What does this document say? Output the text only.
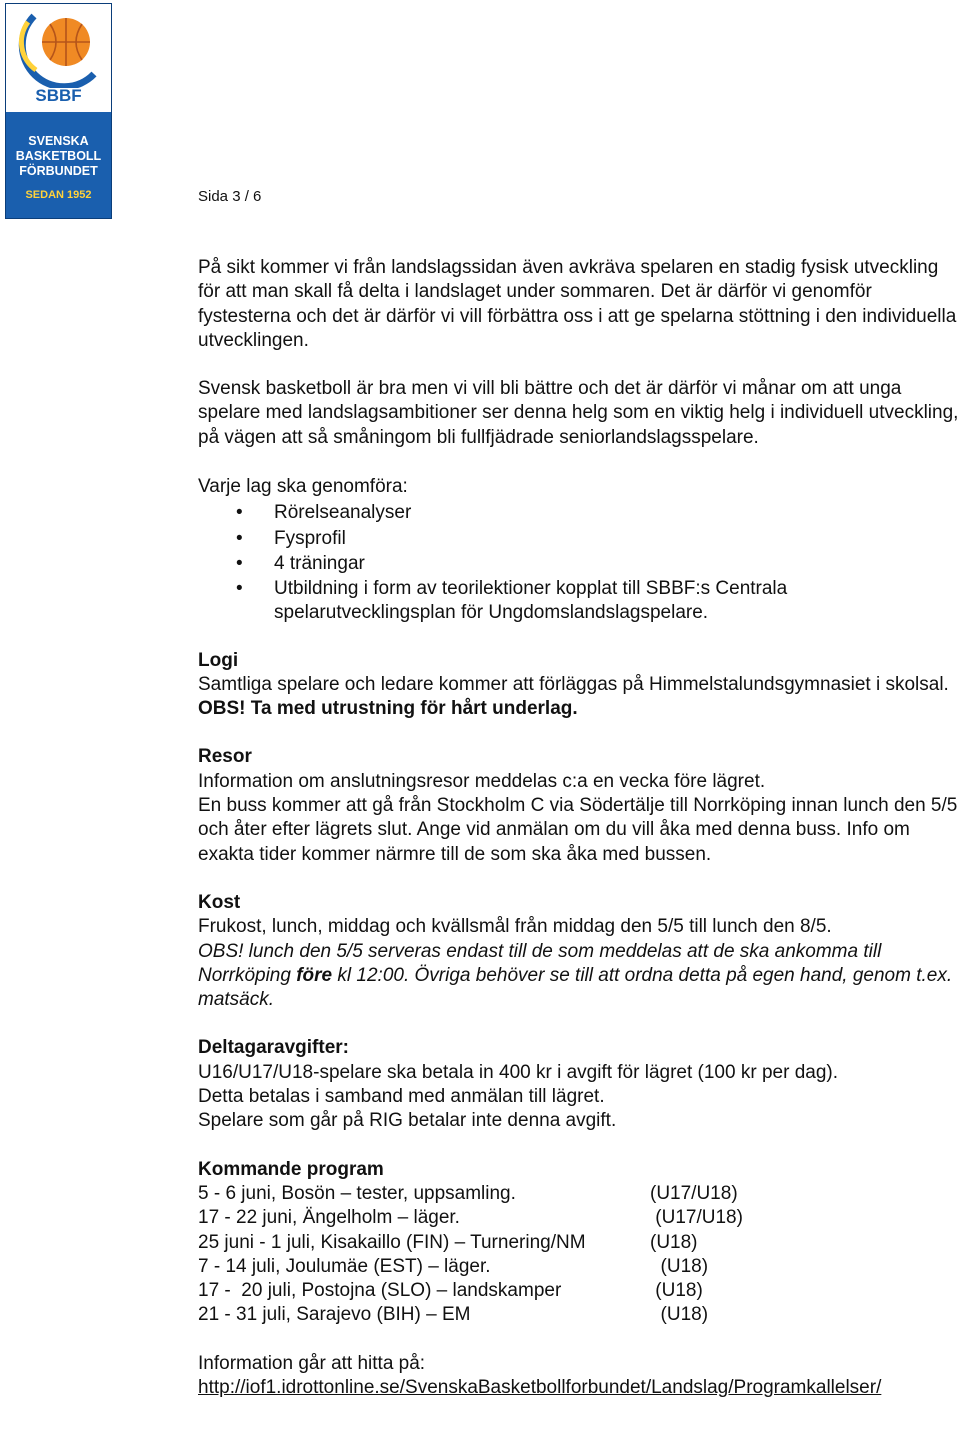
SBBF
SVENSKA
BASKETBOLL
FÖRBUNDET
SEDAN 1952	Sida 3 / 6

På sikt kommer vi från landslagssidan även avkräva spelaren en stadig fysisk utveckling för att man skall få delta i landslaget under sommaren. Det är därför vi genomför fystesterna och det är därför vi vill förbättra oss i att ge spelarna stöttning i den individuella utvecklingen.

Svensk basketboll är bra men vi vill bli bättre och det är därför vi månar om att unga spelare med landslagsambitioner ser denna helg som en viktig helg i individuell utveckling, på vägen att så småningom bli fullfjädrade seniorlandslagsspelare.

Varje lag ska genomföra:
• Rörelseanalyser
• Fysprofil
• 4 träningar
• Utbildning i form av teorilektioner kopplat till SBBF:s Centrala spelarutvecklingsplan för Ungdomslandslagspelare.

Logi
Samtliga spelare och ledare kommer att förläggas på Himmelstalundsgymnasiet i skolsal. OBS! Ta med utrustning för hårt underlag.

Resor
Information om anslutningsresor meddelas c:a en vecka före lägret.
En buss kommer att gå från Stockholm C via Södertälje till Norrköping innan lunch den 5/5 och åter efter lägrets slut. Ange vid anmälan om du vill åka med denna buss. Info om exakta tider kommer närmre till de som ska åka med bussen.

Kost
Frukost, lunch, middag och kvällsmål från middag den 5/5 till lunch den 8/5.
OBS! lunch den 5/5 serveras endast till de som meddelas att de ska ankomma till Norrköping före kl 12:00. Övriga behöver se till att ordna detta på egen hand, genom t.ex. matsäck.

Deltagaravgifter:
U16/U17/U18-spelare ska betala in 400 kr i avgift för lägret (100 kr per dag).
Detta betalas i samband med anmälan till lägret.
Spelare som går på RIG betalar inte denna avgift.

Kommande program
5 - 6 juni, Bosön – tester, uppsamling.	(U17/U18)
17 - 22 juni, Ängelholm – läger.	(U17/U18)
25 juni - 1 juli, Kisakaillo (FIN) – Turnering/NM	(U18)
7 - 14 juli, Joulumäe (EST) – läger.	(U18)
17 -  20 juli, Postojna (SLO) – landskamper	(U18)
21 - 31 juli, Sarajevo (BIH) – EM	(U18)

Information går att hitta på:
http://iof1.idrottonline.se/SvenskaBasketbollforbundet/Landslag/Programkallelser/
